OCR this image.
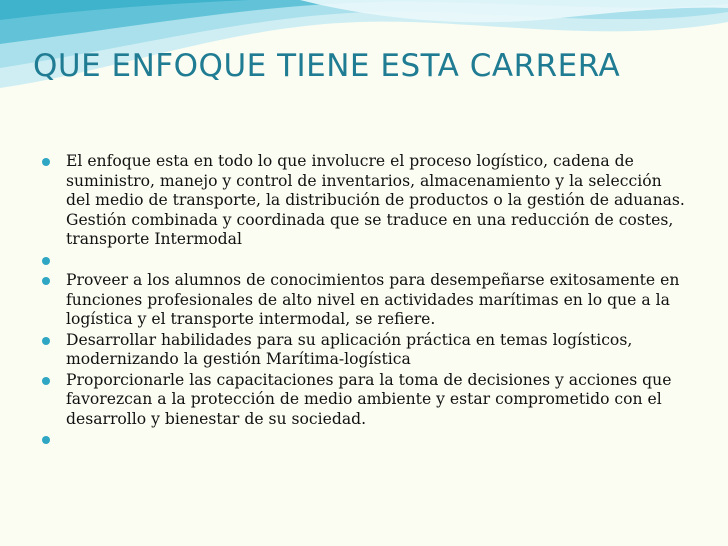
QUE ENFOQUE TIENE ESTA CARRERA
El enfoque esta en todo lo que involucre el proceso logístico, cadena de suministro, manejo y control de inventarios, almacenamiento y la selección del medio de transporte, la distribución de productos o la gestión de aduanas. Gestión combinada y coordinada que se traduce en una reducción de costes, transporte Intermodal
Proveer a los alumnos de conocimientos para desempeñarse exitosamente en funciones profesionales de alto nivel en actividades marítimas en lo que a la logística y el transporte intermodal, se refiere.
Desarrollar habilidades para su aplicación práctica en temas logísticos, modernizando la gestión Marítima-logística
Proporcionarle las capacitaciones para la toma de decisiones y acciones que favorezcan a la protección de medio ambiente y estar comprometido con el desarrollo y bienestar de su sociedad.
